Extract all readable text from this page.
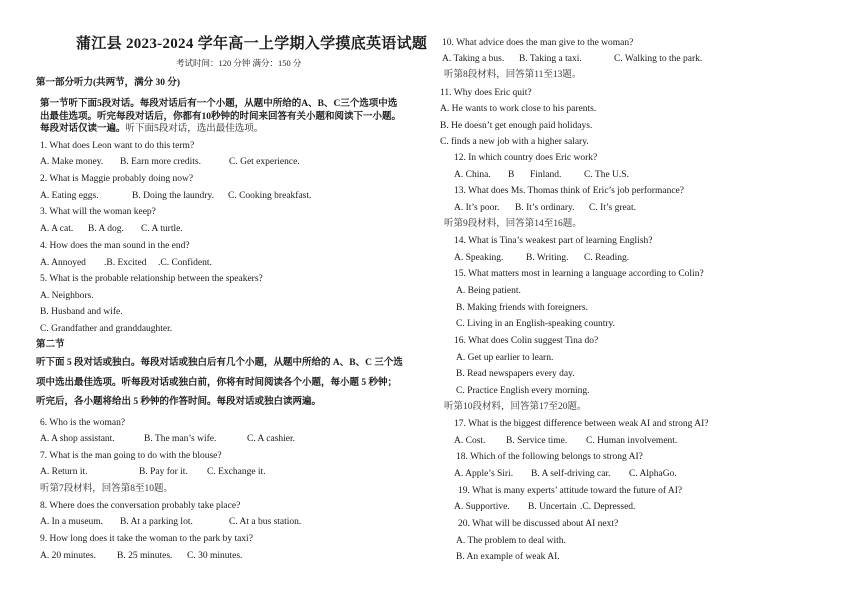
蒲江县 2023-2024 学年高一上学期入学摸底英语试题
考试时间：120 分钟 满分：150 分
第一部分听力(共两节，满分 30 分)
第一节听下面5段对话。每段对话后有一个小题，从题中所给的A、B、C三个选项中选
出最佳选项。听完每段对话后，你都有10秒钟的时间来回答有关小题和阅读下一小题。
每段对话仅读一遍。听下面5段对话，选出最佳选项。
1. What does Leon want to do this term?
A. Make money. B. Earn more credits.	C. Get experience.
2. What is Maggie probably doing now?
A. Eating eggs.	B. Doing the laundry. C. Cooking breakfast.
3. What will the woman keep?
A. A cat. B. A dog. C. A turtle.
4. How does the man sound in the end?
A. Annoyed .B. Excited .C. Confident.
5. What is the probable relationship between the speakers?
A. Neighbors.
B. Husband and wife.
C. Grandfather and granddaughter.
第二节
听下面 5 段对话或独白。每段对话或独白后有几个小题，从题中所给的 A、B、C 三个选
项中选出最佳选项。听每段对话或独白前，你将有时间阅读各个小题，每小题 5 秒钟；
听完后，各小题将给出 5 秒钟的作答时间。每段对话或独白读两遍。
6. Who is the woman?
A. A shop assistant.	B. The man’s wife.	C. A cashier.
7. What is the man going to do with the blouse?
A. Return it.	B. Pay for it. C. Exchange it.
听第7段材料，回答第8至10题。
8. Where does the conversation probably take place?
A. In a museum. B. At a parking lot.	C. At a bus station.
9. How long does it take the woman to the park by taxi?
A. 20 minutes. B. 25 minutes. C. 30 minutes.
10. What advice does the man give to the woman?
A. Taking a bus. B. Taking a taxi.	C. Walking to the park.
听第8段材料，回答第11至13题。
11. Why does Eric quit?
A. He wants to work close to his parents.
B. He doesn’t get enough paid holidays.
C. finds a new job with a higher salary.
12. In which country does Eric work?
A. China. B Finland. C. The U.S.
13. What does Ms. Thomas think of Eric’s job performance?
A. It’s poor. B. It’s ordinary. C. It’s great.
听第9段材料，回答第14至16题。
14. What is Tina’s weakest part of learning English?
A. Speaking. B. Writing. C. Reading.
15. What matters most in learning a language according to Colin?
A. Being patient.
B. Making friends with foreigners.
C. Living in an English-speaking country.
16. What does Colin suggest Tina do?
A. Get up earlier to learn.
B. Read newspapers every day.
C. Practice English every morning.
听第10段材料，回答第17至20题。
17. What is the biggest difference between weak AI and strong AI?
A. Cost. B. Service time. C. Human involvement.
18. Which of the following belongs to strong AI?
A. Apple’s Siri. B. A self-driving car. C. AlphaGo.
19. What is many experts’ attitude toward the future of AI?
A. Supportive. B. Uncertain .C. Depressed.
20. What will be discussed about AI next?
A. The problem to deal with.
B. An example of weak AI.
